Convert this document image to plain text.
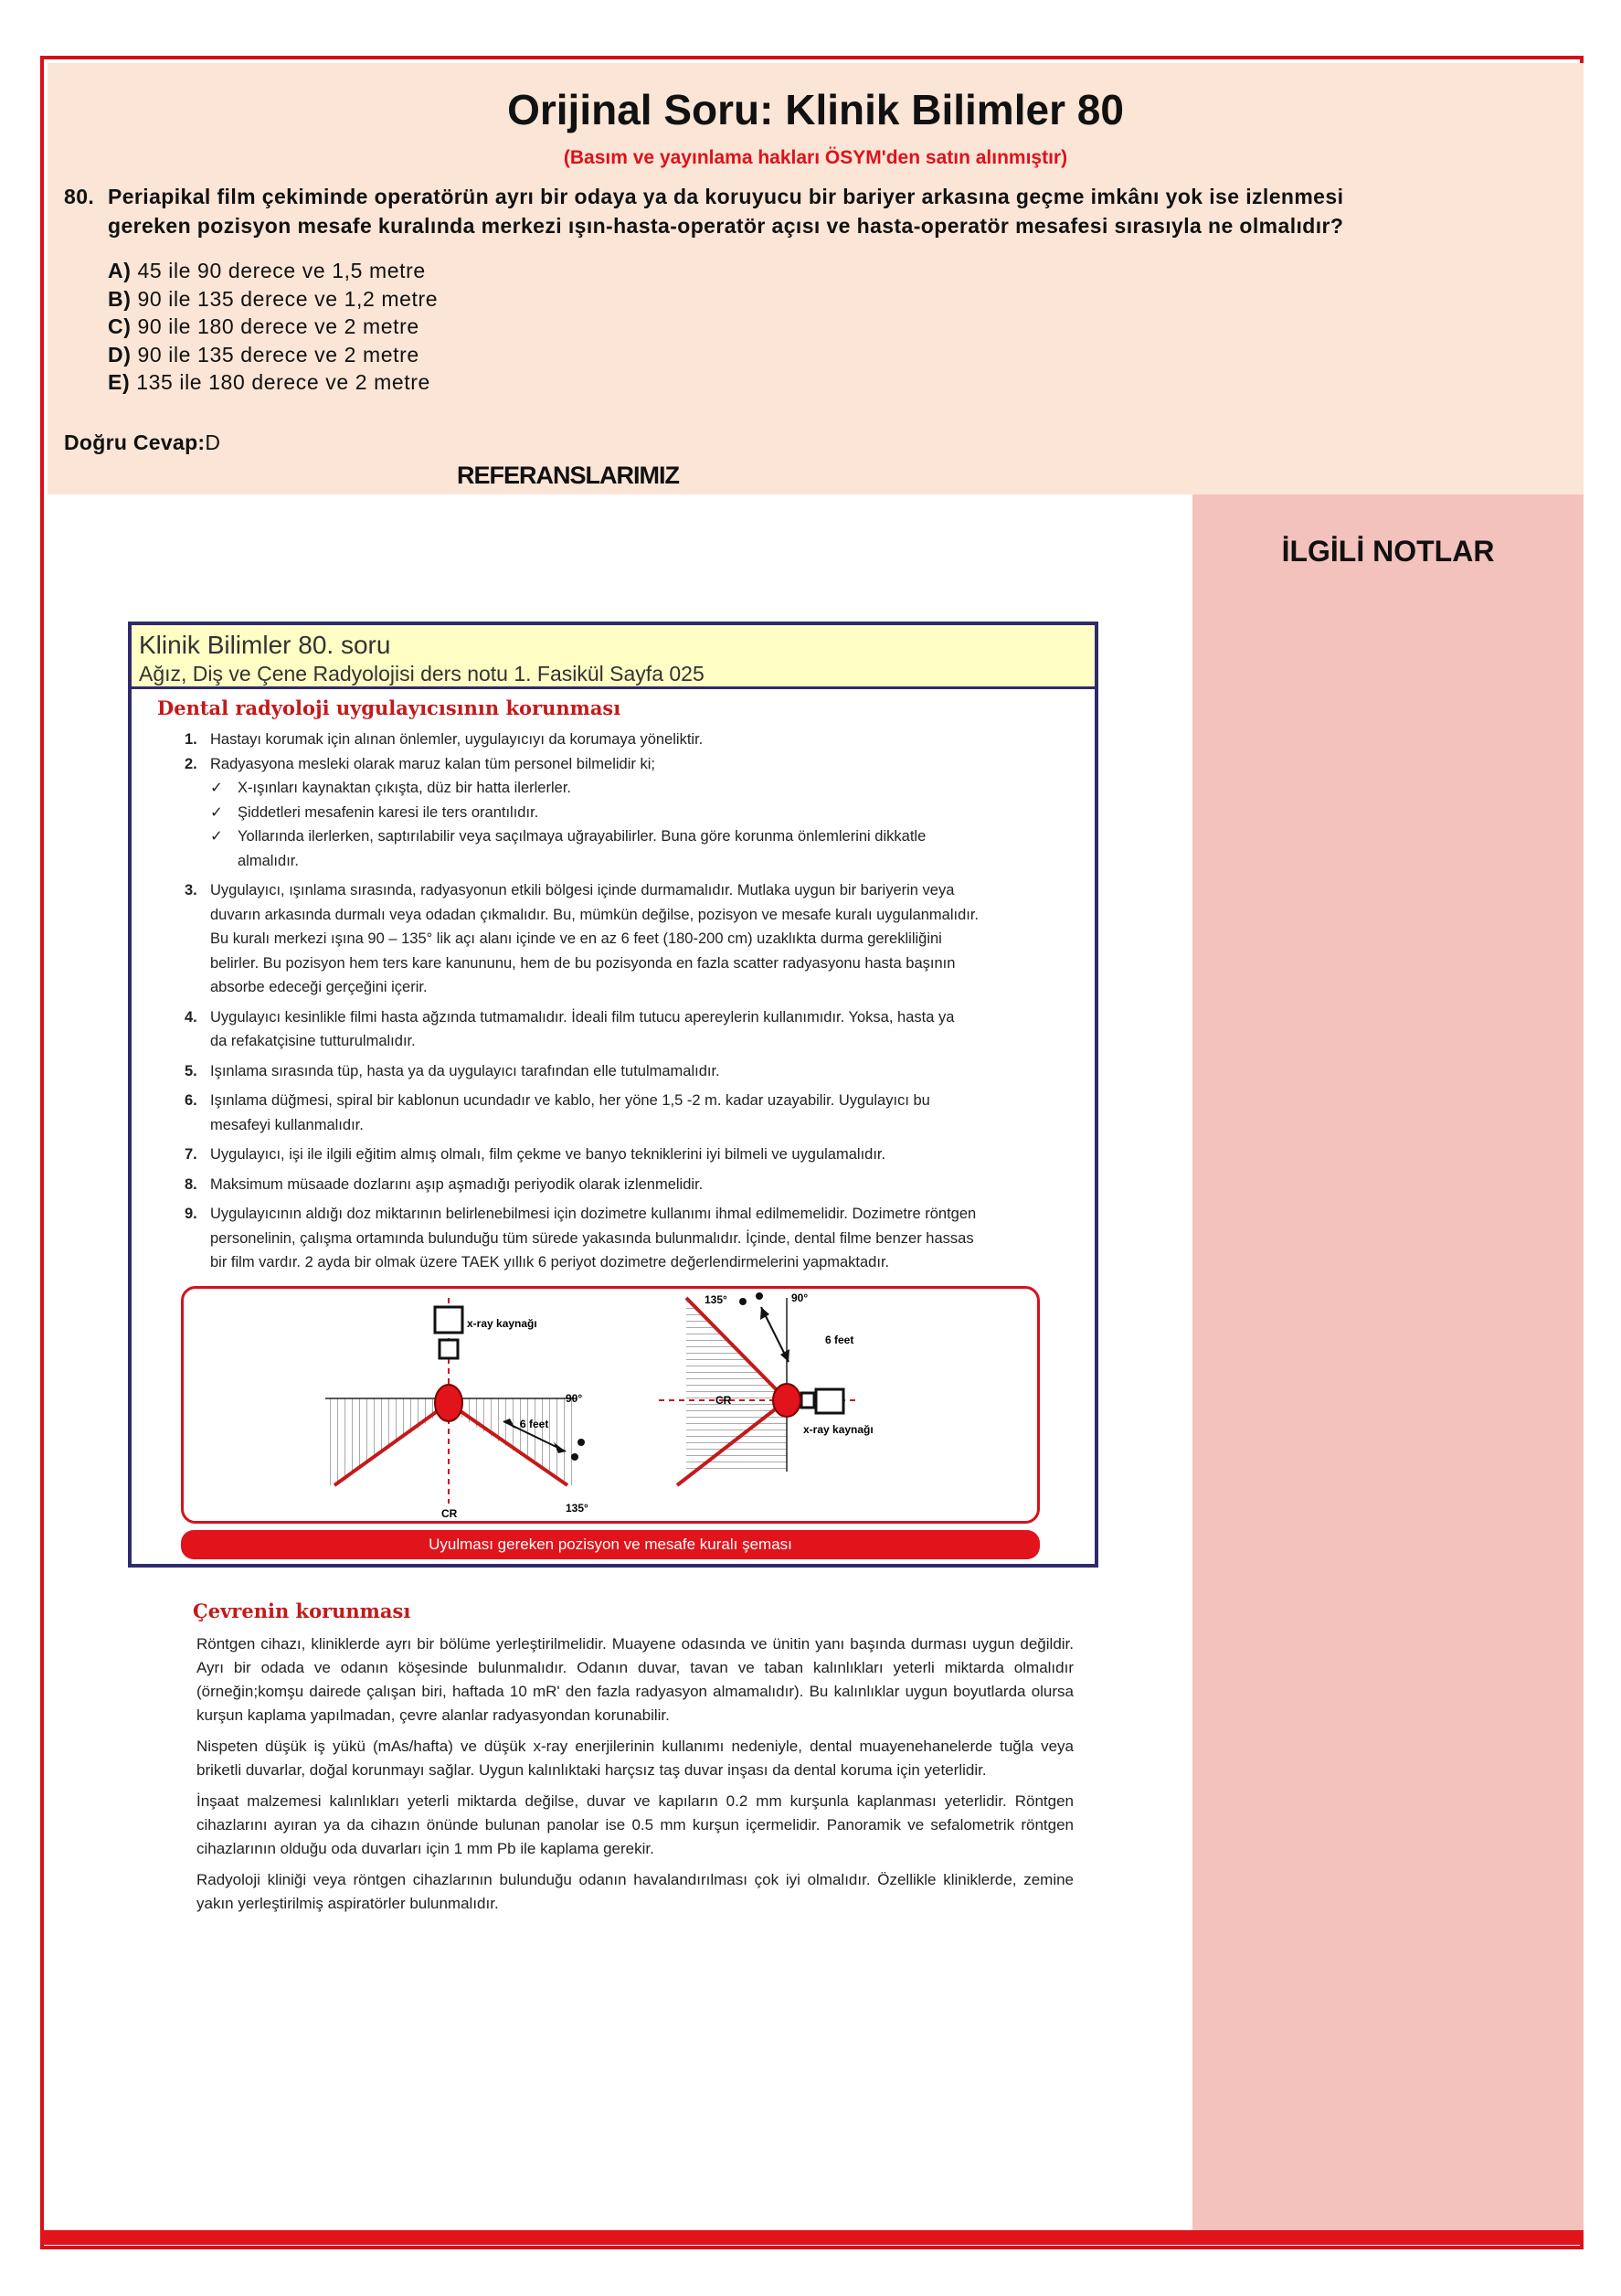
Orijinal Soru: Klinik Bilimler 80
(Basım ve yayınlama hakları ÖSYM'den satın alınmıştır)
80. Periapikal film çekiminde operatörün ayrı bir odaya ya da koruyucu bir bariyer arkasına geçme imkânı yok ise izlenmesi
gereken pozisyon mesafe kuralında merkezi ışın-hasta-operatör açısı ve hasta-operatör mesafesi sırasıyla ne olmalıdır?
A) 45 ile 90 derece ve 1,5 metre
B) 90 ile 135 derece ve 1,2 metre
C) 90 ile 180 derece ve 2 metre
D) 90 ile 135 derece ve 2 metre
E) 135 ile 180 derece ve 2 metre
Doğru Cevap:D
İLGİLİ NOTLAR
REFERANSLARIMIZ
Klinik Bilimler 80. soru
Ağız, Diş ve Çene Radyolojisi ders notu 1. Fasikül Sayfa 025
Dental radyoloji uygulayıcısının korunması
1. Hastayı korumak için alınan önlemler, uygulayıcıyı da korumaya yöneliktir.
2. Radyasyona mesleki olarak maruz kalan tüm personel bilmelidir ki;
✓ X-ışınları kaynaktan çıkışta, düz bir hatta ilerlerler.
✓ Şiddetleri mesafenin karesi ile ters orantılıdır.
✓ Yollarında ilerlerken, saptırılabilir veya saçılmaya uğrayabilirler. Buna göre korunma önlemlerini dikkatle
almalıdır.
3. Uygulayıcı, ışınlama sırasında, radyasyonun etkili bölgesi içinde durmamalıdır. Mutlaka uygun bir bariyerin veya
duvarın arkasında durmalı veya odadan çıkmalıdır. Bu, mümkün değilse, pozisyon ve mesafe kuralı uygulanmalıdır.
Bu kuralı merkezi ışına 90 – 135° lik açı alanı içinde ve en az 6 feet (180-200 cm) uzaklıkta durma gerekliliğini
belirler. Bu pozisyon hem ters kare kanununu, hem de bu pozisyonda en fazla scatter radyasyonu hasta başının
absorbe edeceği gerçeğini içerir.
4. Uygulayıcı kesinlikle filmi hasta ağzında tutmamalıdır. İdeali film tutucu apereylerin kullanımıdır. Yoksa, hasta ya
da refakatçisine tutturulmalıdır.
5. Işınlama sırasında tüp, hasta ya da uygulayıcı tarafından elle tutulmamalıdır.
6. Işınlama düğmesi, spiral bir kablonun ucundadır ve kablo, her yöne 1,5 -2 m. kadar uzayabilir. Uygulayıcı bu
mesafeyi kullanmalıdır.
7. Uygulayıcı, işi ile ilgili eğitim almış olmalı, film çekme ve banyo tekniklerini iyi bilmeli ve uygulamalıdır.
8. Maksimum müsaade dozlarını aşıp aşmadığı periyodik olarak izlenmelidir.
9. Uygulayıcının aldığı doz miktarının belirlenebilmesi için dozimetre kullanımı ihmal edilmemelidir. Dozimetre röntgen
personelinin, çalışma ortamında bulunduğu tüm sürede yakasında bulunmalıdır. İçinde, dental filme benzer hassas
bir film vardır. 2 ayda bir olmak üzere TAEK yıllık 6 periyot dozimetre değerlendirmelerini yapmaktadır.
x-ray kaynağı
90°
6 feet
CR	135°
135°	90°
6 feet
CR
x-ray kaynağı
Uyulması gereken pozisyon ve mesafe kuralı şeması
Çevrenin korunması

Röntgen cihazı, kliniklerde ayrı bir bölüme yerleştirilmelidir. Muayene odasında ve ünitin yanı başında durması uygun değildir. Ayrı bir odada ve odanın köşesinde bulunmalıdır. Odanın duvar, tavan ve taban kalınlıkları yeterli miktarda olmalıdır (örneğin;komşu dairede çalışan biri, haftada 10 mR' den fazla radyasyon almamalıdır). Bu kalınlıklar uygun boyutlarda olursa kurşun kaplama yapılmadan, çevre alanlar radyasyondan korunabilir.

Nispeten düşük iş yükü (mAs/hafta) ve düşük x-ray enerjilerinin kullanımı nedeniyle, dental muayenehanelerde tuğla veya briketli duvarlar, doğal korunmayı sağlar. Uygun kalınlıktaki harçsız taş duvar inşası da dental koruma için yeterlidir.

İnşaat malzemesi kalınlıkları yeterli miktarda değilse, duvar ve kapıların 0.2 mm kurşunla kaplanması yeterlidir. Röntgen cihazlarını ayıran ya da cihazın önünde bulunan panolar ise 0.5 mm kurşun içermelidir. Panoramik ve sefalometrik röntgen cihazlarının olduğu oda duvarları için 1 mm Pb ile kaplama gerekir.

Radyoloji kliniği veya röntgen cihazlarının bulunduğu odanın havalandırılması çok iyi olmalıdır. Özellikle kliniklerde, zemine yakın yerleştirilmiş aspiratörler bulunmalıdır.
